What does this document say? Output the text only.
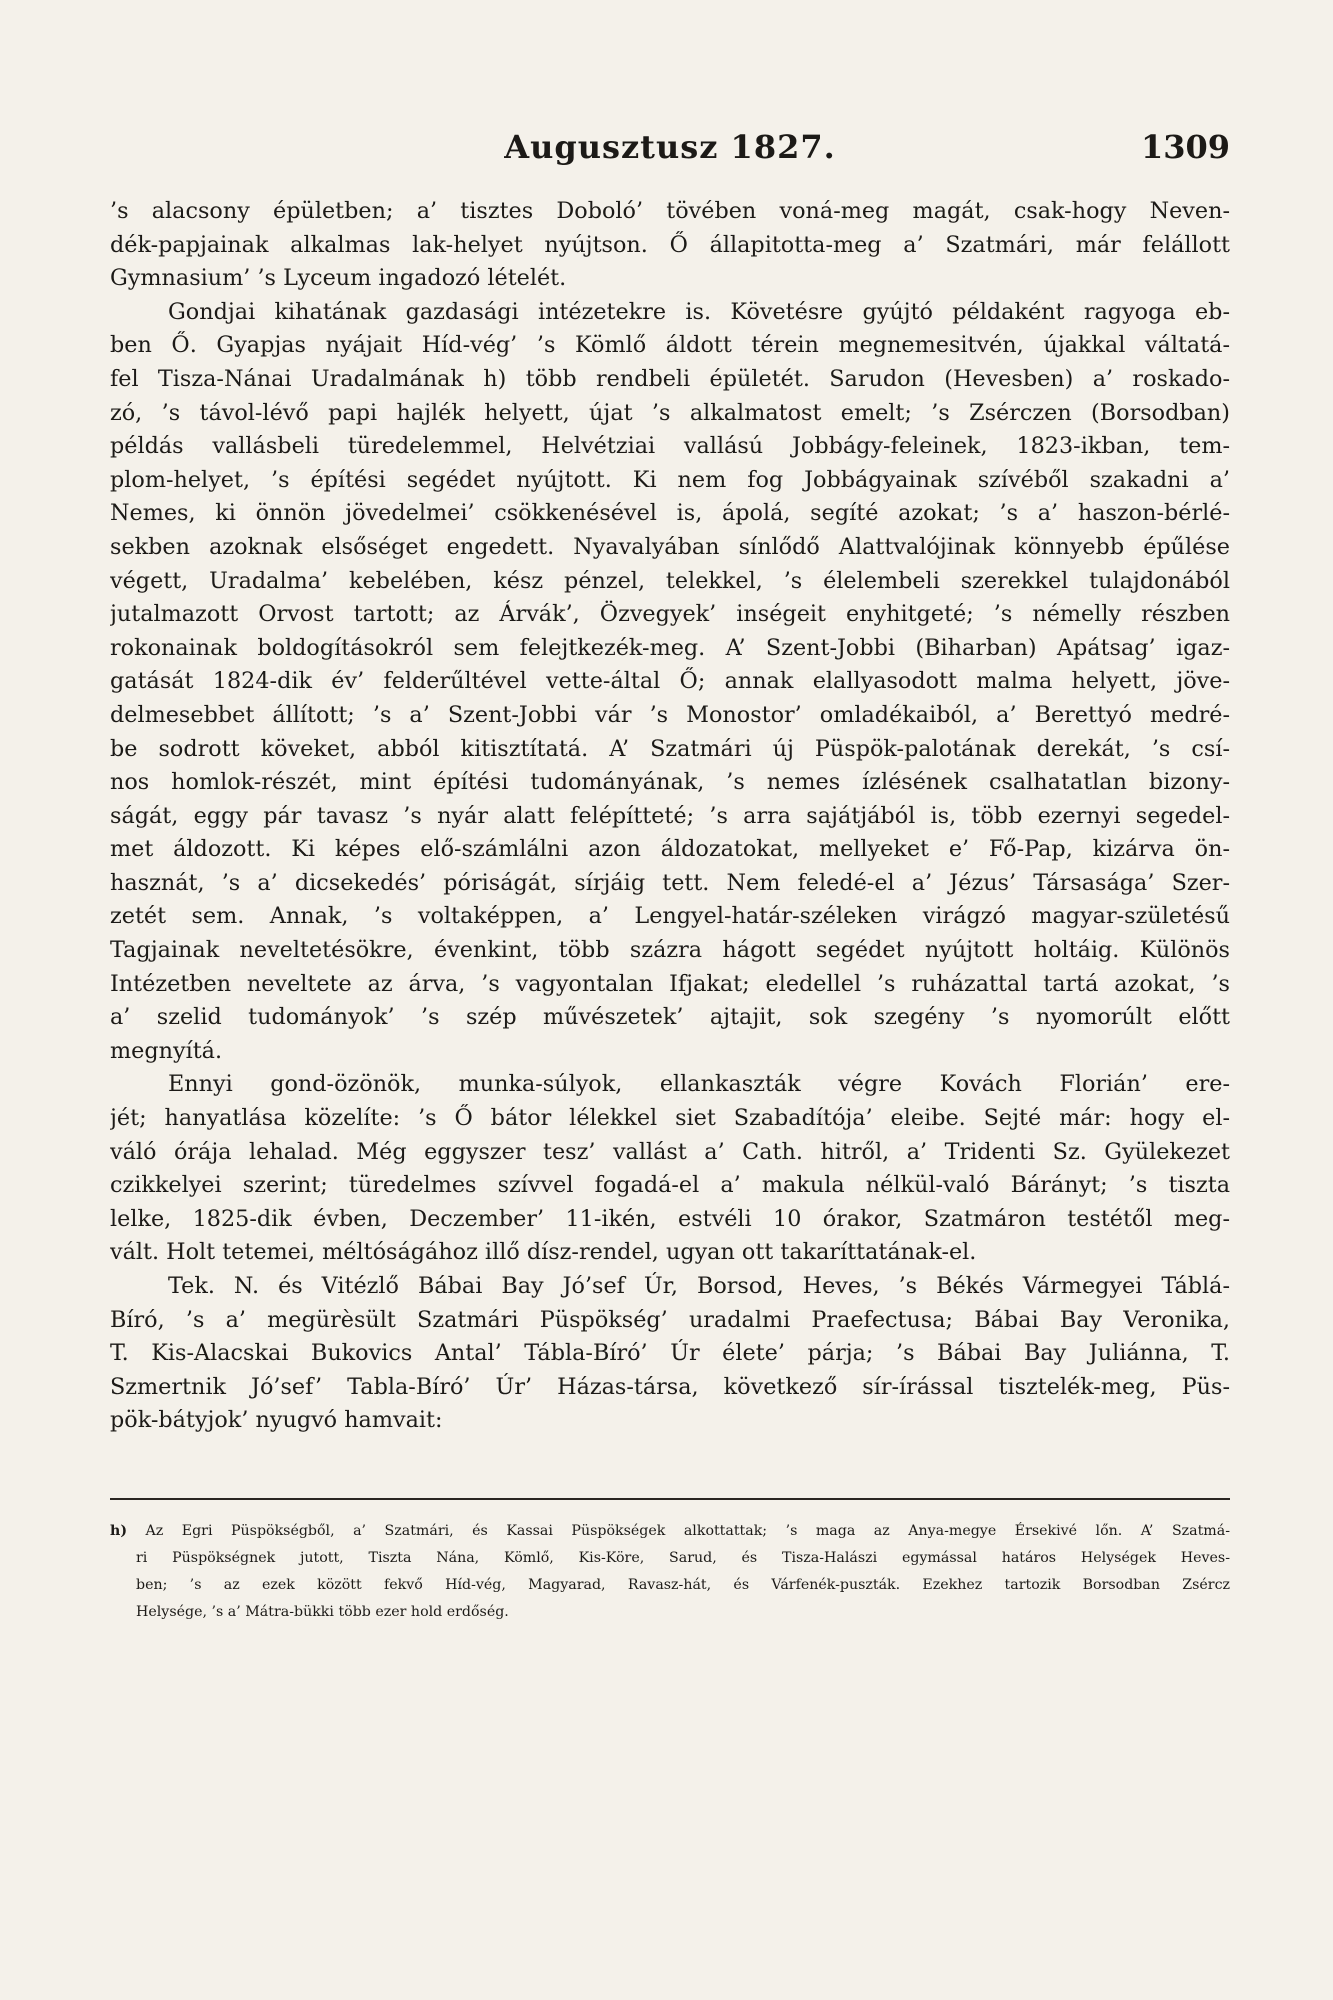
Augusztusz 1827.	1309
’s alacsony épületben; a’ tisztes Doboló’ tövében voná-meg magát, csak-hogy Neven-
dék-papjainak alkalmas lak-helyet nyújtson. Ő állapitotta-meg a’ Szatmári, már felállott
Gymnasium’ ’s Lyceum ingadozó lételét.
Gondjai kihatának gazdasági intézetekre is. Követésre gyújtó példaként ragyoga eb-
ben Ő. Gyapjas nyájait Híd-vég’ ’s Kömlő áldott térein megnemesitvén, újakkal váltatá-
fel Tisza-Nánai Uradalmának h) több rendbeli épületét. Sarudon (Hevesben) a’ roskado-
zó, ’s távol-lévő papi hajlék helyett, újat ’s alkalmatost emelt; ’s Zsérczen (Borsodban)
példás vallásbeli türedelemmel, Helvétziai vallású Jobbágy-feleinek, 1823-ikban, tem-
plom-helyet, ’s építési segédet nyújtott. Ki nem fog Jobbágyainak szívéből szakadni a’
Nemes, ki önnön jövedelmei’ csökkenésével is, ápolá, segíté azokat; ’s a’ haszon-bérlé-
sekben azoknak elsőséget engedett. Nyavalyában sínlődő Alattvalójinak könnyebb épűlése
végett, Uradalma’ kebelében, kész pénzel, telekkel, ’s élelembeli szerekkel tulajdonából
jutalmazott Orvost tartott; az Árvák’, Özvegyek’ inségeit enyhitgeté; ’s némelly részben
rokonainak boldogításokról sem felejtkezék-meg. A’ Szent-Jobbi (Biharban) Apátsag’ igaz-
gatását 1824-dik év’ felderűltével vette-által Ő; annak elallyasodott malma helyett, jöve-
delmesebbet állított; ’s a’ Szent-Jobbi vár ’s Monostor’ omladékaiból, a’ Berettyó medré-
be sodrott köveket, abból kitisztítatá. A’ Szatmári új Püspök-palotának derekát, ’s csí-
nos homlok-részét, mint építési tudományának, ’s nemes ízlésének csalhatatlan bizony-
ságát, eggy pár tavasz ’s nyár alatt felépítteté; ’s arra sajátjából is, több ezernyi segedel-
met áldozott. Ki képes elő-számlálni azon áldozatokat, mellyeket e’ Fő-Pap, kizárva ön-
hasznát, ’s a’ dicsekedés’ póriságát, sírjáig tett. Nem feledé-el a’ Jézus’ Társasága’ Szer-
zetét sem. Annak, ’s voltaképpen, a’ Lengyel-határ-széleken virágzó magyar-születésű
Tagjainak neveltetésökre, évenkint, több százra hágott segédet nyújtott holtáig. Különös
Intézetben neveltete az árva, ’s vagyontalan Ifjakat; eledellel ’s ruházattal tartá azokat, ’s
a’ szelid tudományok’ ’s szép művészetek’ ajtajit, sok szegény ’s nyomorúlt előtt
megnyítá.
Ennyi gond-özönök, munka-súlyok, ellankaszták végre Kovách Florián’ ere-
jét; hanyatlása közelíte: ’s Ő bátor lélekkel siet Szabadítója’ eleibe. Sejté már: hogy el-
váló órája lehalad. Még eggyszer tesz’ vallást a’ Cath. hitről, a’ Tridenti Sz. Gyülekezet
czikkelyei szerint; türedelmes szívvel fogadá-el a’ makula nélkül-való Bárányt; ’s tiszta
lelke, 1825-dik évben, Deczember’ 11-ikén, estvéli 10 órakor, Szatmáron testétől meg-
vált. Holt tetemei, méltóságához illő dísz-rendel, ugyan ott takaríttatának-el.
Tek. N. és Vitézlő Bábai Bay Jó’sef Úr, Borsod, Heves, ’s Békés Vármegyei Táblá-
Bíró, ’s a’ megürèsült Szatmári Püspökség’ uradalmi Praefectusa; Bábai Bay Veronika,
T. Kis-Alacskai Bukovics Antal’ Tábla-Bíró’ Úr élete’ párja; ’s Bábai Bay Juliánna, T.
Szmertnik Jó’sef’ Tabla-Bíró’ Úr’ Házas-társa, következő sír-írással tisztelék-meg, Püs-
pök-bátyjok’ nyugvó hamvait:
h) Az Egri Püspökségből, a’ Szatmári, és Kassai Püspökségek alkottattak; ’s maga az Anya-megye Érsekivé lőn. A’ Szatmá-
ri Püspökségnek jutott, Tiszta Nána, Kömlő, Kis-Köre, Sarud, és Tisza-Halászi egymással határos Helységek Heves-
ben; ’s az ezek között fekvő Híd-vég, Magyarad, Ravasz-hát, és Várfenék-puszták. Ezekhez tartozik Borsodban Zsércz
Helysége, ’s a’ Mátra-bükki több ezer hold erdőség.
